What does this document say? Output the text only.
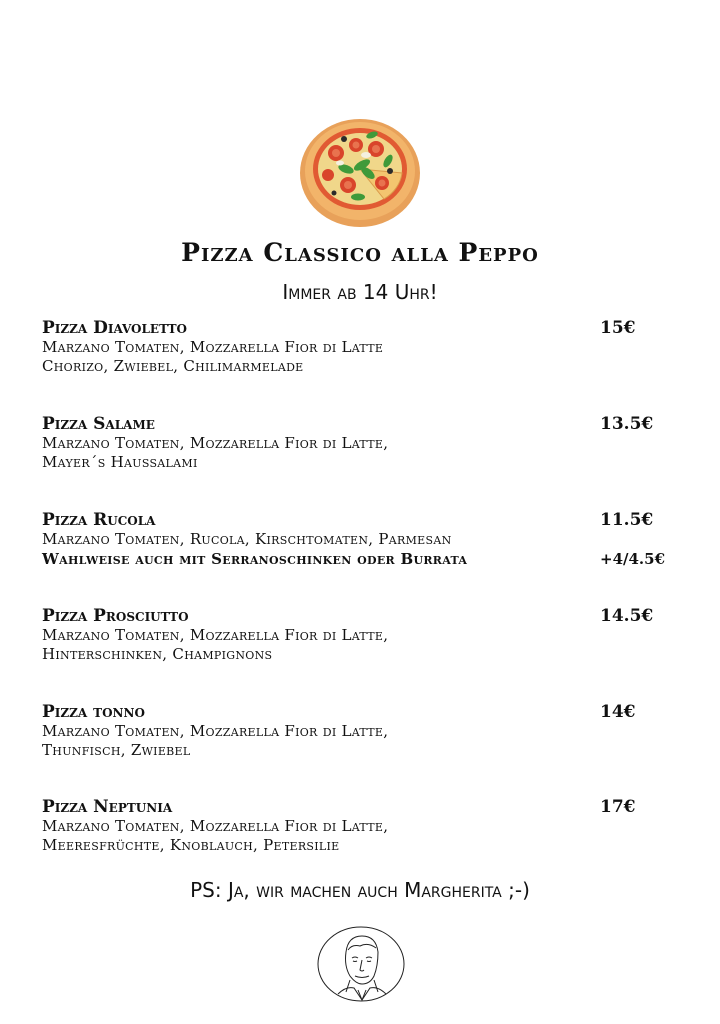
Pizza Classico alla Peppo
Immer ab 14 Uhr!
Pizza Diavoletto	15€
Marzano Tomaten, Mozzarella Fior di Latte
Chorizo, Zwiebel, Chilimarmelade
Pizza Salame	13.5€
Marzano Tomaten, Mozzarella Fior di Latte,
Mayer´s Haussalami
Pizza Rucola	11.5€
Marzano Tomaten, Rucola, Kirschtomaten, Parmesan
Wahlweise auch mit Serranoschinken oder Burrata	+4/4.5€
Pizza Prosciutto	14.5€
Marzano Tomaten, Mozzarella Fior di Latte,
Hinterschinken, Champignons
Pizza tonno	14€
Marzano Tomaten, Mozzarella Fior di Latte,
Thunfisch, Zwiebel
Pizza Neptunia	17€
Marzano Tomaten, Mozzarella Fior di Latte,
Meeresfrüchte, Knoblauch, Petersilie
PS: Ja, wir machen auch Margherita ;-)
